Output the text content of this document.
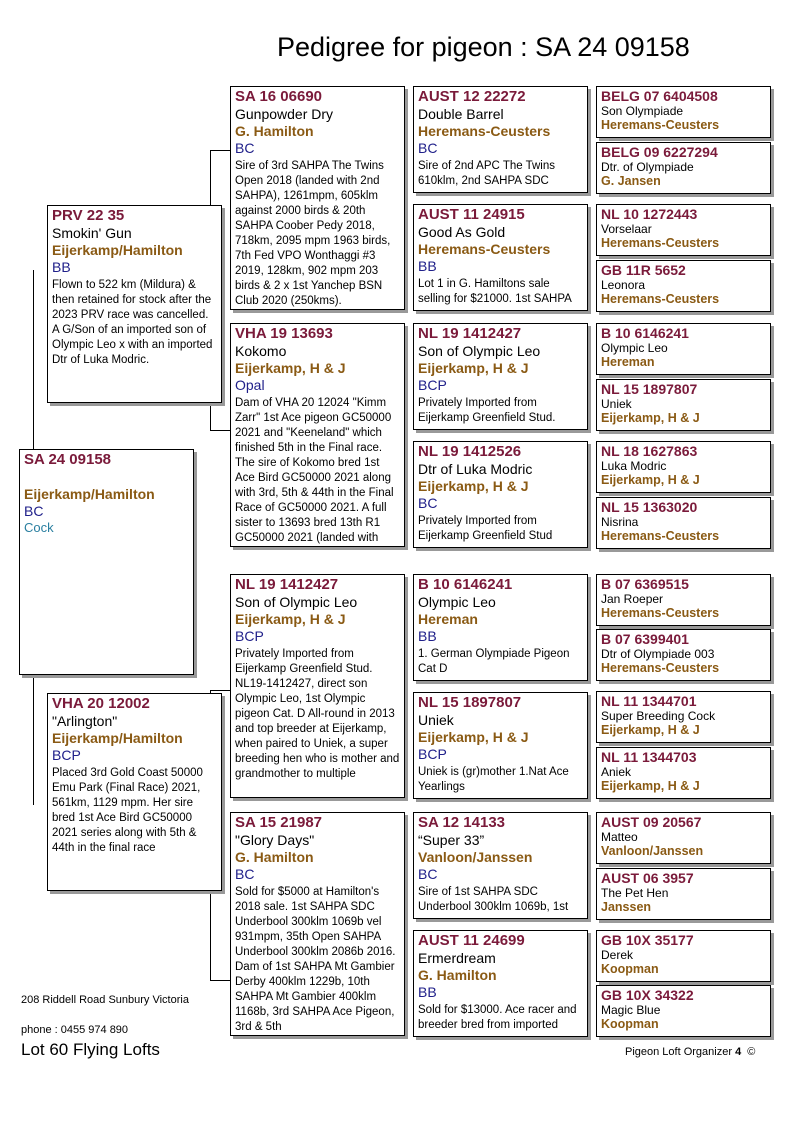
Pedigree for pigeon : SA 24 09158
SA 24 09158

Eijerkamp/Hamilton
BC
Cock
PRV 22 35
Smokin' Gun
Eijerkamp/Hamilton
BB
Flown to 522 km (Mildura) & then retained for stock after the 2023 PRV race was cancelled. A G/Son of an imported son of Olympic Leo x with an imported Dtr of Luka Modric.
VHA 20 12002
"Arlington"
Eijerkamp/Hamilton
BCP
Placed 3rd Gold Coast 50000 Emu Park (Final Race) 2021, 561km, 1129 mpm. Her sire bred 1st Ace Bird GC50000 2021 series along with 5th & 44th in the final race
SA 16 06690
Gunpowder Dry
G. Hamilton
BC
Sire of 3rd SAHPA The Twins Open 2018 (landed with 2nd SAHPA), 1261mpm, 605klm against 2000 birds & 20th SAHPA Coober Pedy 2018, 718km, 2095 mpm 1963 birds, 7th Fed VPO Wonthaggi #3 2019, 128km, 902 mpm 203 birds & 2 x 1st Yanchep BSN Club 2020 (250kms).
VHA 19 13693
Kokomo
Eijerkamp, H & J
Opal
Dam of VHA 20 12024 "Kimm Zarr" 1st Ace pigeon GC50000 2021 and "Keeneland" which finished 5th in the Final race. The sire of Kokomo bred 1st Ace Bird GC50000 2021 along with 3rd, 5th & 44th in the Final Race of GC50000 2021. A full sister to 13693 bred 13th R1 GC50000 2021 (landed with
NL 19 1412427
Son of Olympic Leo
Eijerkamp, H & J
BCP
Privately Imported from Eijerkamp Greenfield Stud. NL19-1412427, direct son Olympic Leo, 1st Olympic pigeon Cat. D All-round in 2013 and top breeder at Eijerkamp, when paired to Uniek, a super breeding hen who is mother and grandmother to multiple
SA 15 21987
"Glory Days"
G. Hamilton
BC
Sold for $5000 at Hamilton's 2018 sale. 1st SAHPA SDC Underbool 300klm 1069b vel 931mpm, 35th Open SAHPA Underbool 300klm 2086b 2016. Dam of 1st SAHPA Mt Gambier Derby 400klm 1229b, 10th SAHPA Mt Gambier 400klm 1168b, 3rd SAHPA Ace Pigeon, 3rd & 5th
AUST 12 22272
Double Barrel
Heremans-Ceusters
BC
Sire of 2nd APC The Twins 610klm, 2nd SAHPA SDC
AUST 11 24915
Good As Gold
Heremans-Ceusters
BB
Lot 1 in G. Hamiltons sale selling for $21000. 1st SAHPA
NL 19 1412427
Son of Olympic Leo
Eijerkamp, H & J
BCP
Privately Imported from Eijerkamp Greenfield Stud.
NL 19 1412526
Dtr of Luka Modric
Eijerkamp, H & J
BC
Privately Imported from Eijerkamp Greenfield Stud
B 10 6146241
Olympic Leo
Hereman
BB
1. German Olympiade Pigeon Cat D
NL 15 1897807
Uniek
Eijerkamp, H & J
BCP
Uniek is (gr)mother 1.Nat Ace Yearlings
SA 12 14133
“Super 33”
Vanloon/Janssen
BC
Sire of 1st SAHPA SDC Underbool 300klm 1069b, 1st
AUST 11 24699
Ermerdream
G. Hamilton
BB
Sold for $13000. Ace racer and breeder bred from imported
BELG 07 6404508
Son Olympiade
Heremans-Ceusters
BELG 09 6227294
Dtr. of Olympiade
G. Jansen
NL 10 1272443
Vorselaar
Heremans-Ceusters
GB 11R 5652
Leonora
Heremans-Ceusters
B 10 6146241
Olympic Leo
Hereman
NL 15 1897807
Uniek
Eijerkamp, H & J
NL 18 1627863
Luka Modric
Eijerkamp, H & J
NL 15 1363020
Nisrina
Heremans-Ceusters
B 07 6369515
Jan Roeper
Heremans-Ceusters
B 07 6399401
Dtr of Olympiade 003
Heremans-Ceusters
NL 11 1344701
Super Breeding Cock
Eijerkamp, H & J
NL 11 1344703
Aniek
Eijerkamp, H & J
AUST 09 20567
Matteo
Vanloon/Janssen
AUST 06 3957
The Pet Hen
Janssen
GB 10X 35177
Derek
Koopman
GB 10X 34322
Magic Blue
Koopman
208 Riddell Road Sunbury Victoria
phone : 0455 974 890
Lot 60 Flying Lofts	Pigeon Loft Organizer 4 ©
